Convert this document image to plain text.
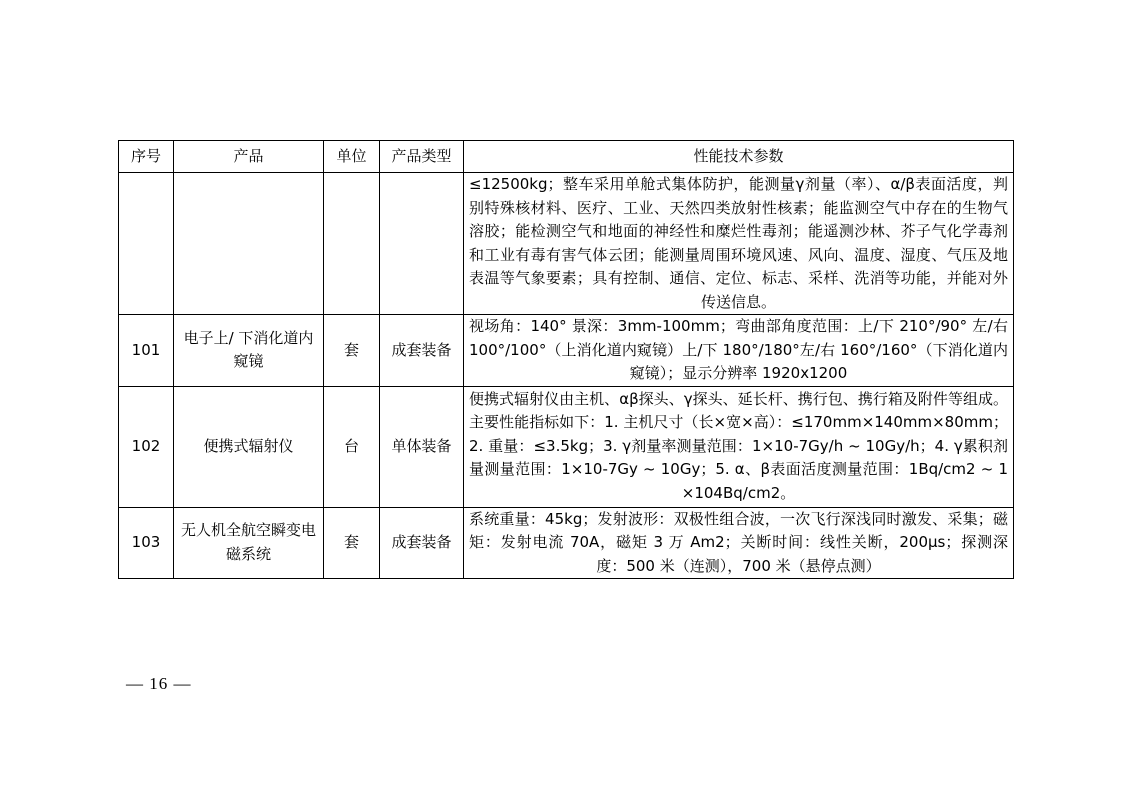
序号	产品	单位	产品类型	性能技术参数
				≤12500kg；整车采用单舱式集体防护，能测量γ剂量（率）、α/β表面活度，判别特殊核材料、医疗、工业、天然四类放射性核素；能监测空气中存在的生物气溶胶；能检测空气和地面的神经性和糜烂性毒剂；能遥测沙林、芥子气化学毒剂和工业有毒有害气体云团；能测量周围环境风速、风向、温度、湿度、气压及地表温等气象要素；具有控制、通信、定位、标志、采样、洗消等功能，并能对外传送信息。
101	电子上/ 下消化道内窥镜	套	成套装备	视场角：140° 景深：3mm-100mm；弯曲部角度范围：上/下 210°/90° 左/右100°/100°（上消化道内窥镜）上/下 180°/180°左/右 160°/160°（下消化道内窥镜）；显示分辨率 1920x1200
102	便携式辐射仪	台	单体装备	便携式辐射仪由主机、αβ探头、γ探头、延长杆、携行包、携行箱及附件等组成。主要性能指标如下：1. 主机尺寸（长×宽×高）：≤170mm×140mm×80mm；2. 重量：≤3.5kg；3. γ剂量率测量范围：1×10-7Gy/h ~ 10Gy/h；4. γ累积剂量测量范围：1×10-7Gy ~ 10Gy；5. α、β表面活度测量范围：1Bq/cm2 ~ 1×104Bq/cm2。
103	无人机全航空瞬变电磁系统	套	成套装备	系统重量：45kg；发射波形：双极性组合波，一次飞行深浅同时激发、采集；磁矩：发射电流 70A，磁矩 3 万 Am2；关断时间：线性关断，200μs；探测深度：500 米（连测），700 米（悬停点测）
— 16 —
